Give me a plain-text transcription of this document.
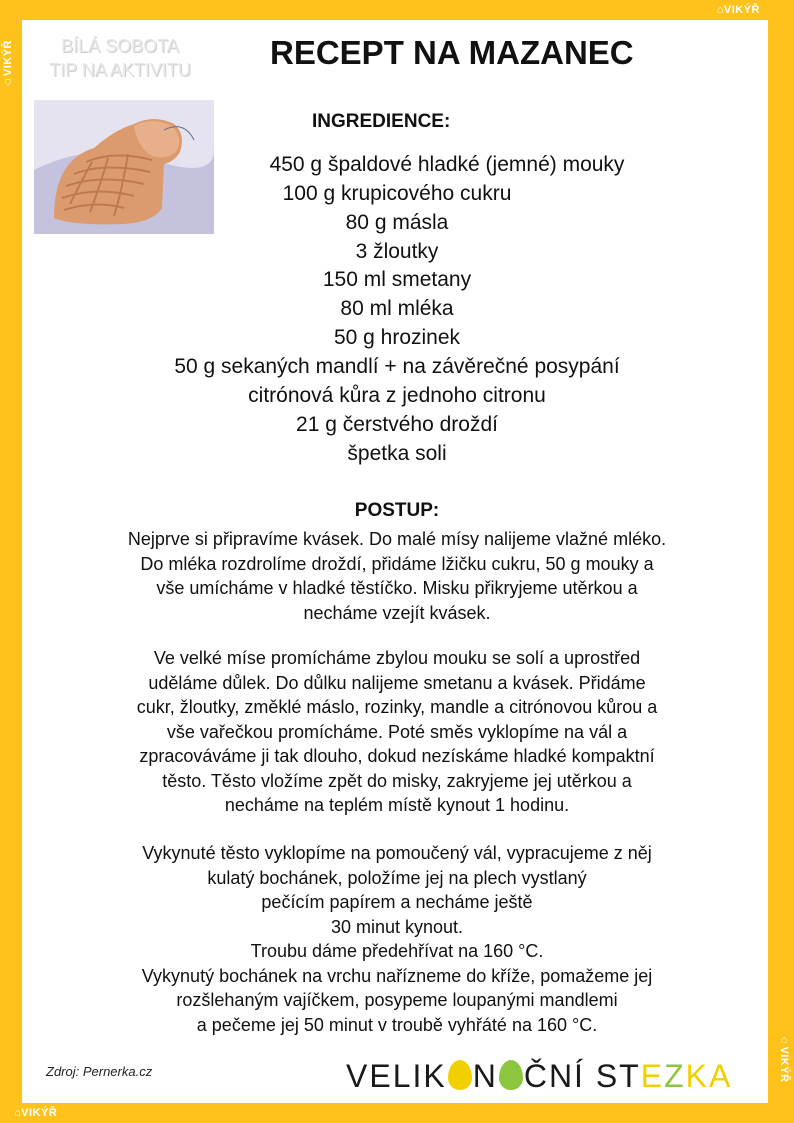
⌂VIKÝŘ
⌂VIKÝŘ
⌂VIKÝŘ
⌂VIKÝŘ
BÍLÁ SOBOTA
TIP NA AKTIVITU RECEPT NA MAZANEC
INGREDIENCE:
450 g špaldové hladké (jemné) mouky
100 g krupicového cukru
80 g másla
3 žloutky
150 ml smetany
80 ml mléka
50 g hrozinek
50 g sekaných mandlí + na závěrečné posypání
citrónová kůra z jednoho citronu
21 g čerstvého droždí
špetka soli
POSTUP:
Nejprve si připravíme kvásek. Do malé mísy nalijeme vlažné mléko.
Do mléka rozdrolíme droždí, přidáme lžičku cukru, 50 g mouky a
vše umícháme v hladké těstíčko. Misku přikryjeme utěrkou a
necháme vzejít kvásek.
Ve velké míse promícháme zbylou mouku se solí a uprostřed
uděláme důlek. Do důlku nalijeme smetanu a kvásek. Přidáme
cukr, žloutky, změklé máslo, rozinky, mandle a citrónovou kůrou a
vše vařečkou promícháme. Poté směs vyklopíme na vál a
zpracováváme ji tak dlouho, dokud nezískáme hladké kompaktní
těsto. Těsto vložíme zpět do misky, zakryjeme jej utěrkou a
necháme na teplém místě kynout 1 hodinu.
Vykynuté těsto vyklopíme na pomoučený vál, vypracujeme z něj
kulatý bochánek, položíme jej na plech vystlaný
pečícím papírem a necháme ještě
30 minut kynout.
Troubu dáme předehřívat na 160 °C.
Vykynutý bochánek na vrchu nařízneme do kříže, pomažeme jej
rozšlehaným vajíčkem, posypeme loupanými mandlemi
a pečeme jej 50 minut v troubě vyhřáté na 160 °C.
Zdroj: Pernerka.cz	VELIK N ČNÍ STEZKA
